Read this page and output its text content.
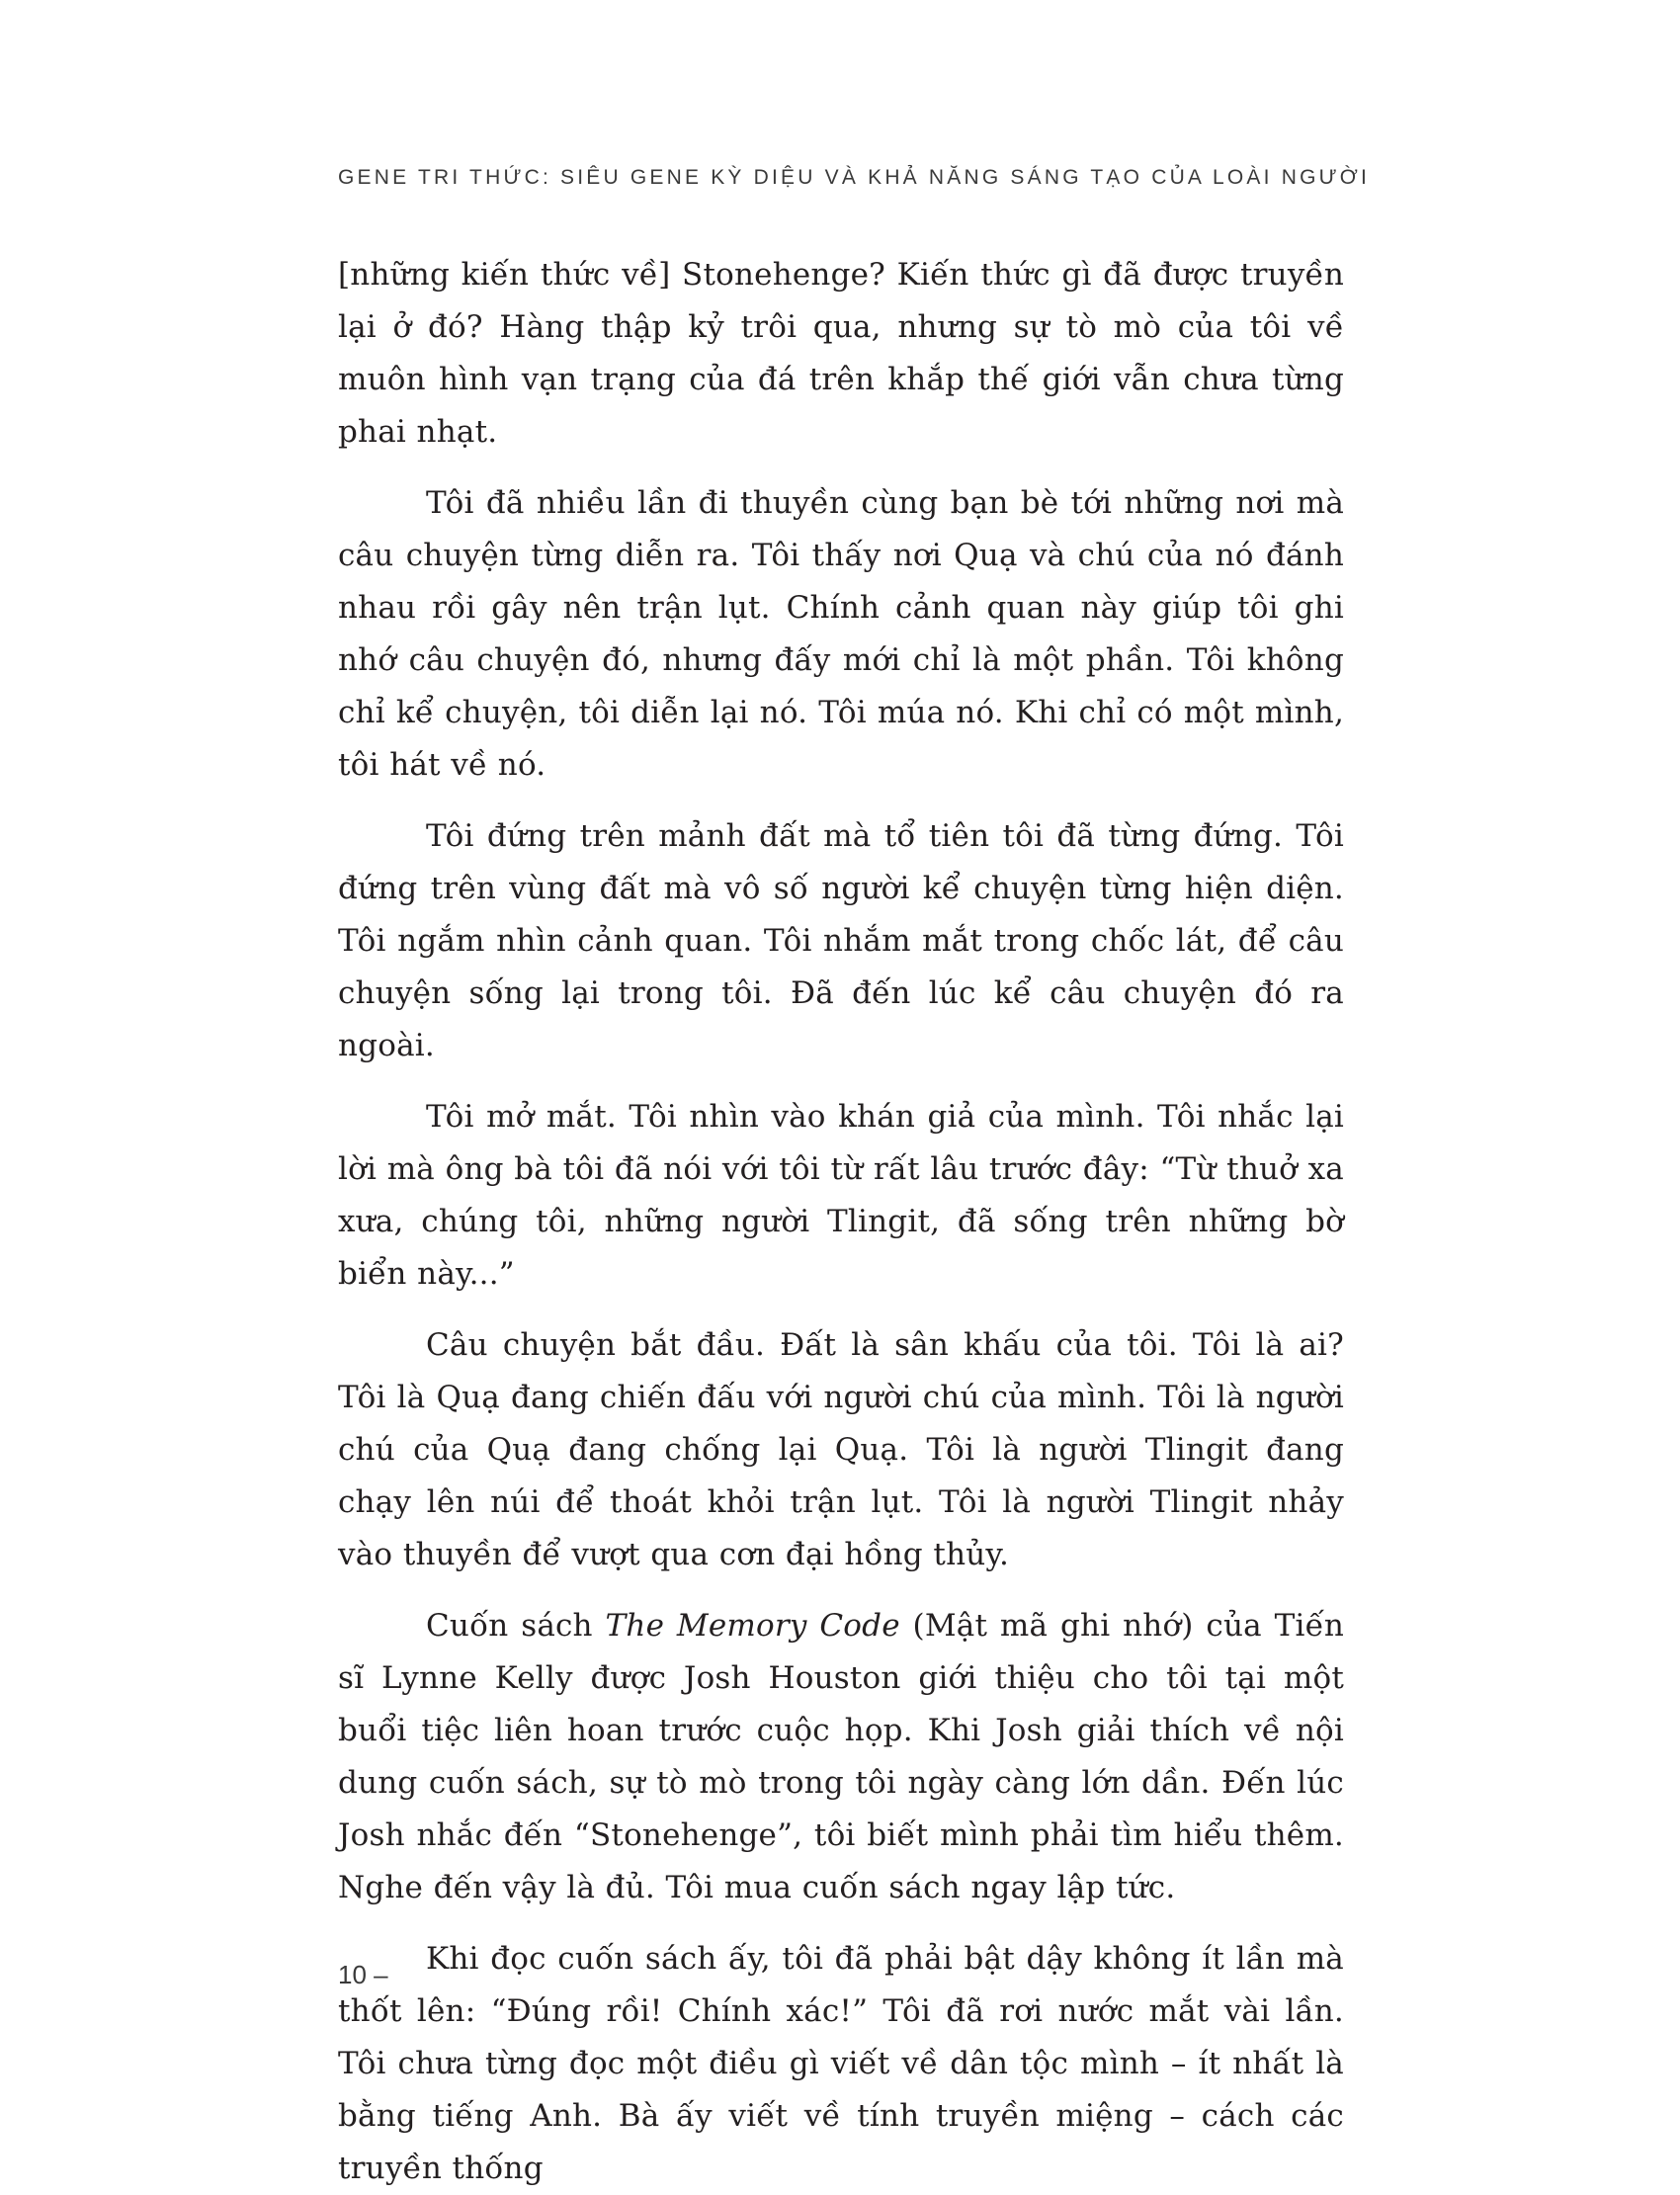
GENE TRI THỨC: SIÊU GENE KỲ DIỆU VÀ KHẢ NĂNG SÁNG TẠO CỦA LOÀI NGƯỜI

[những kiến thức về] Stonehenge? Kiến thức gì đã được truyền lại ở đó? Hàng thập kỷ trôi qua, nhưng sự tò mò của tôi về muôn hình vạn trạng của đá trên khắp thế giới vẫn chưa từng phai nhạt.

Tôi đã nhiều lần đi thuyền cùng bạn bè tới những nơi mà câu chuyện từng diễn ra. Tôi thấy nơi Quạ và chú của nó đánh nhau rồi gây nên trận lụt. Chính cảnh quan này giúp tôi ghi nhớ câu chuyện đó, nhưng đấy mới chỉ là một phần. Tôi không chỉ kể chuyện, tôi diễn lại nó. Tôi múa nó. Khi chỉ có một mình, tôi hát về nó.

Tôi đứng trên mảnh đất mà tổ tiên tôi đã từng đứng. Tôi đứng trên vùng đất mà vô số người kể chuyện từng hiện diện. Tôi ngắm nhìn cảnh quan. Tôi nhắm mắt trong chốc lát, để câu chuyện sống lại trong tôi. Đã đến lúc kể câu chuyện đó ra ngoài.

Tôi mở mắt. Tôi nhìn vào khán giả của mình. Tôi nhắc lại lời mà ông bà tôi đã nói với tôi từ rất lâu trước đây: “Từ thuở xa xưa, chúng tôi, những người Tlingit, đã sống trên những bờ biển này...”

Câu chuyện bắt đầu. Đất là sân khấu của tôi. Tôi là ai? Tôi là Quạ đang chiến đấu với người chú của mình. Tôi là người chú của Quạ đang chống lại Quạ. Tôi là người Tlingit đang chạy lên núi để thoát khỏi trận lụt. Tôi là người Tlingit nhảy vào thuyền để vượt qua cơn đại hồng thủy.

Cuốn sách The Memory Code (Mật mã ghi nhớ) của Tiến sĩ Lynne Kelly được Josh Houston giới thiệu cho tôi tại một buổi tiệc liên hoan trước cuộc họp. Khi Josh giải thích về nội dung cuốn sách, sự tò mò trong tôi ngày càng lớn dần. Đến lúc Josh nhắc đến “Stonehenge”, tôi biết mình phải tìm hiểu thêm. Nghe đến vậy là đủ. Tôi mua cuốn sách ngay lập tức.

Khi đọc cuốn sách ấy, tôi đã phải bật dậy không ít lần mà thốt lên: “Đúng rồi! Chính xác!” Tôi đã rơi nước mắt vài lần. Tôi chưa từng đọc một điều gì viết về dân tộc mình – ít nhất là bằng tiếng Anh. Bà ấy viết về tính truyền miệng – cách các truyền thống

10 –
